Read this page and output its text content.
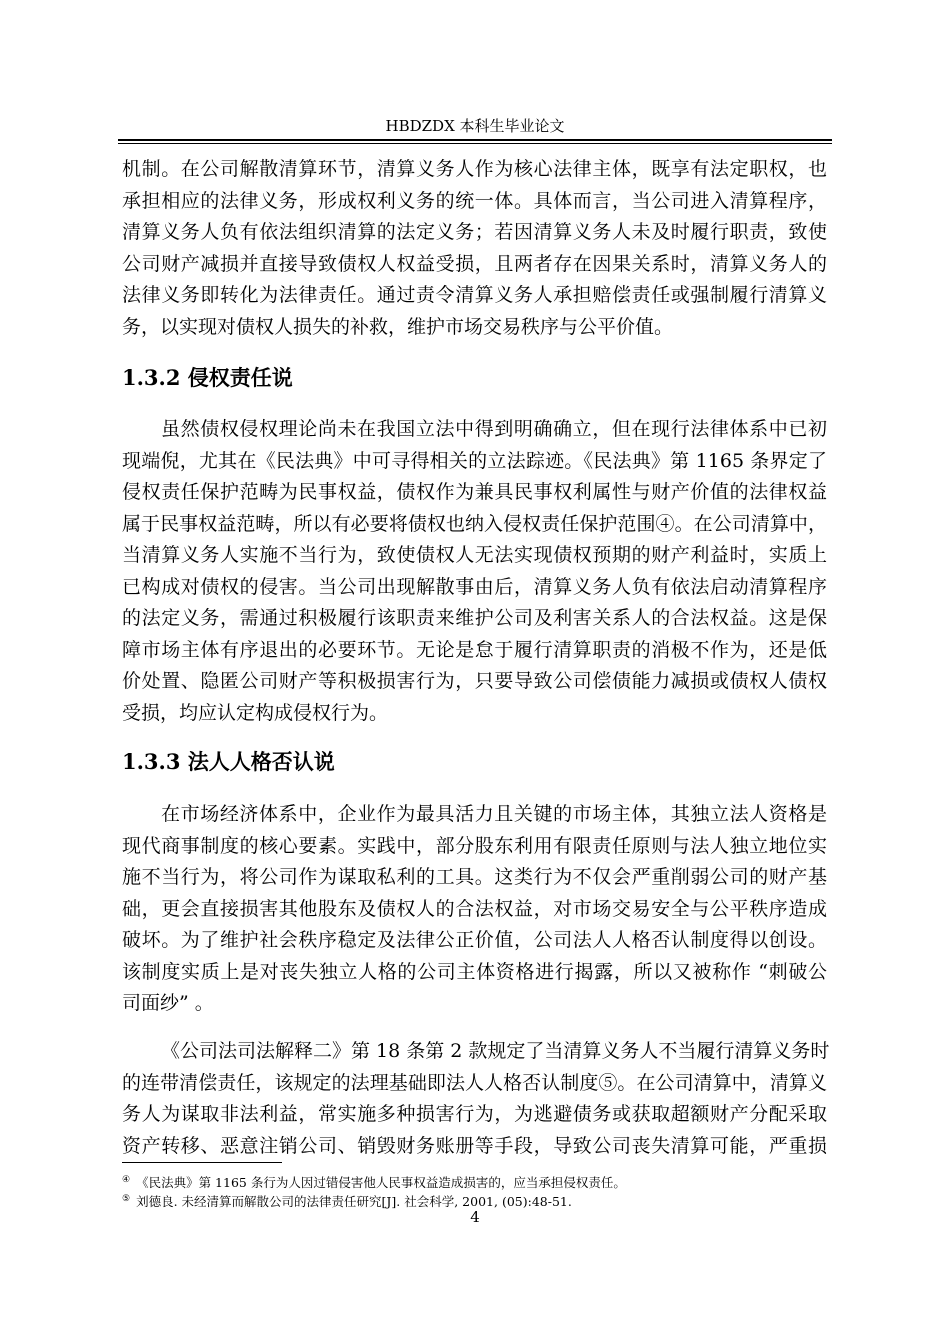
HBDZDX 本科生毕业论文
机制。在公司解散清算环节，清算义务人作为核心法律主体，既享有法定职权，也
承担相应的法律义务，形成权利义务的统一体。具体而言，当公司进入清算程序，
清算义务人负有依法组织清算的法定义务；若因清算义务人未及时履行职责，致使
公司财产减损并直接导致债权人权益受损，且两者存在因果关系时，清算义务人的
法律义务即转化为法律责任。通过责令清算义务人承担赔偿责任或强制履行清算义
务，以实现对债权人损失的补救，维护市场交易秩序与公平价值。
1.3.2 侵权责任说
虽然债权侵权理论尚未在我国立法中得到明确确立，但在现行法律体系中已初
现端倪，尤其在《民法典》中可寻得相关的立法踪迹。《民法典》第 1165 条界定了
侵权责任保护范畴为民事权益，债权作为兼具民事权利属性与财产价值的法律权益
属于民事权益范畴，所以有必要将债权也纳入侵权责任保护范围④。在公司清算中，
当清算义务人实施不当行为，致使债权人无法实现债权预期的财产利益时，实质上
已构成对债权的侵害。当公司出现解散事由后，清算义务人负有依法启动清算程序
的法定义务，需通过积极履行该职责来维护公司及利害关系人的合法权益。这是保
障市场主体有序退出的必要环节。无论是怠于履行清算职责的消极不作为，还是低
价处置、隐匿公司财产等积极损害行为，只要导致公司偿债能力减损或债权人债权
受损，均应认定构成侵权行为。
1.3.3 法人人格否认说
在市场经济体系中，企业作为最具活力且关键的市场主体，其独立法人资格是
现代商事制度的核心要素。实践中，部分股东利用有限责任原则与法人独立地位实
施不当行为，将公司作为谋取私利的工具。这类行为不仅会严重削弱公司的财产基
础，更会直接损害其他股东及债权人的合法权益，对市场交易安全与公平秩序造成
破坏。为了维护社会秩序稳定及法律公正价值，公司法人人格否认制度得以创设。
该制度实质上是对丧失独立人格的公司主体资格进行揭露，所以又被称作 “刺破公
司面纱” 。
《公司法司法解释二》第 18 条第 2 款规定了当清算义务人不当履行清算义务时
的连带清偿责任，该规定的法理基础即法人人格否认制度⑤。在公司清算中，清算义
务人为谋取非法利益，常实施多种损害行为，为逃避债务或获取超额财产分配采取
资产转移、恶意注销公司、销毁财务账册等手段，导致公司丧失清算可能，严重损
④ 《民法典》第 1165 条行为人因过错侵害他人民事权益造成损害的，应当承担侵权责任。
⑤ 刘德良. 未经清算而解散公司的法律责任研究[J]. 社会科学, 2001, (05):48-51.
4
